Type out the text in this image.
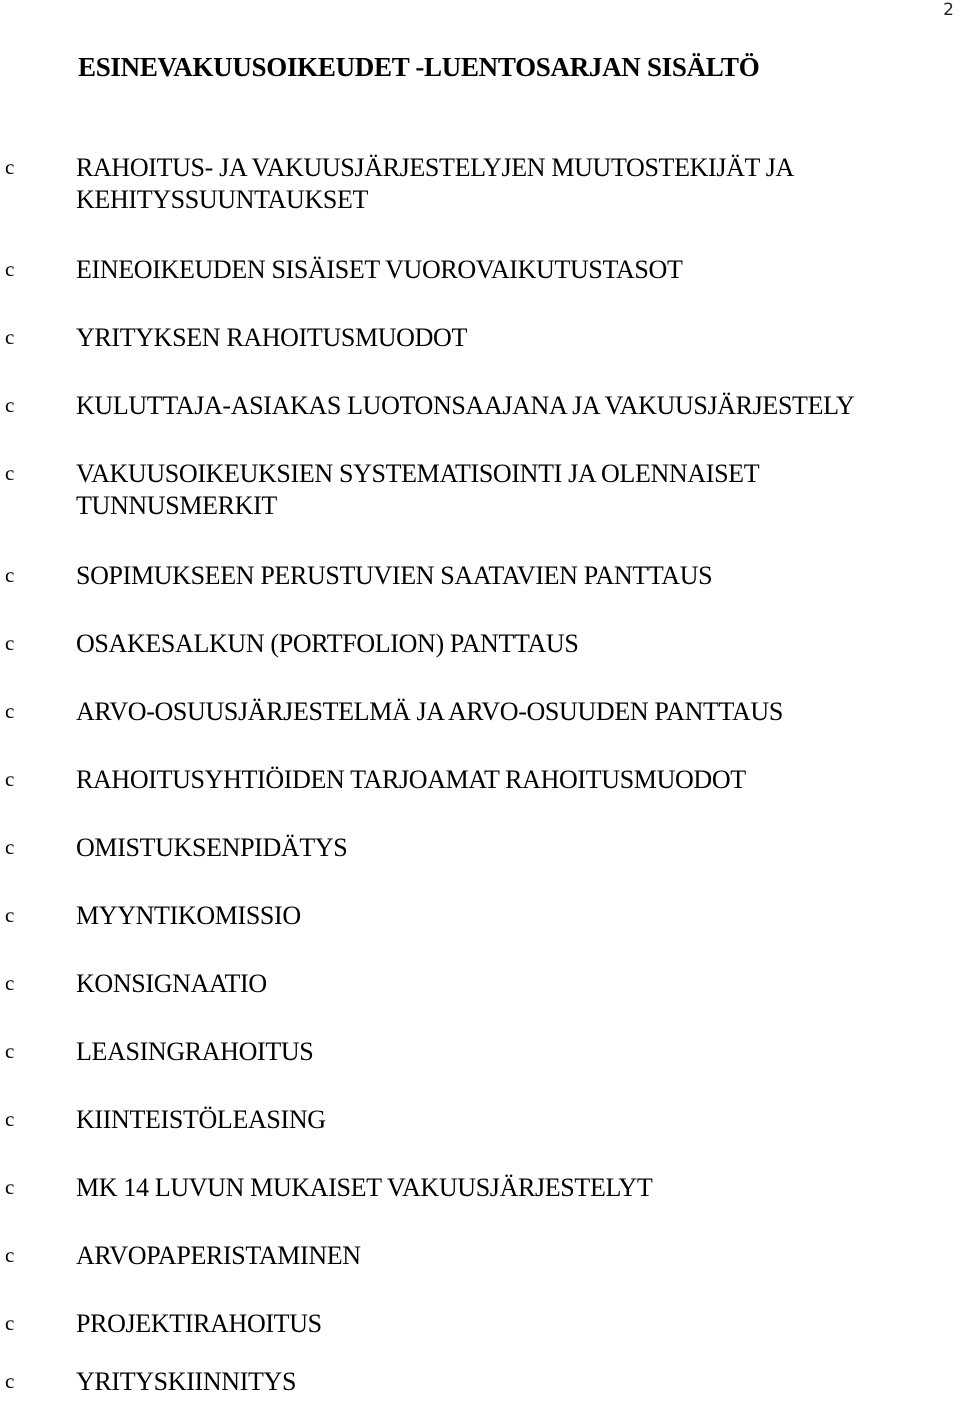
2
ESINEVAKUUSOIKEUDET -LUENTOSARJAN SISÄLTÖ
c RAHOITUS- JA VAKUUSJÄRJESTELYJEN MUUTOSTEKIJÄT JA KEHITYSSUUNTAUKSET
c EINEOIKEUDEN SISÄISET VUOROVAIKUTUSTASOT
c YRITYKSEN RAHOITUSMUODOT
c KULUTTAJA-ASIAKAS LUOTONSAAJANA JA VAKUUSJÄRJESTELY
c VAKUUSOIKEUKSIEN SYSTEMATISOINTI JA OLENNAISET TUNNUSMERKIT
c SOPIMUKSEEN PERUSTUVIEN SAATAVIEN PANTTAUS
c OSAKESALKUN (PORTFOLION) PANTTAUS
c ARVO-OSUUSJÄRJESTELMÄ JA ARVO-OSUUDEN PANTTAUS
c RAHOITUSYHTIÖIDEN TARJOAMAT RAHOITUSMUODOT
c OMISTUKSENPIDÄTYS
c MYYNTIKOMISSIO
c KONSIGNAATIO
c LEASINGRAHOITUS
c KIINTEISTÖLEASING
c MK 14 LUVUN MUKAISET VAKUUSJÄRJESTELYT
c ARVOPAPERISTAMINEN
c PROJEKTIRAHOITUS
c YRITYSKIINNITYS
